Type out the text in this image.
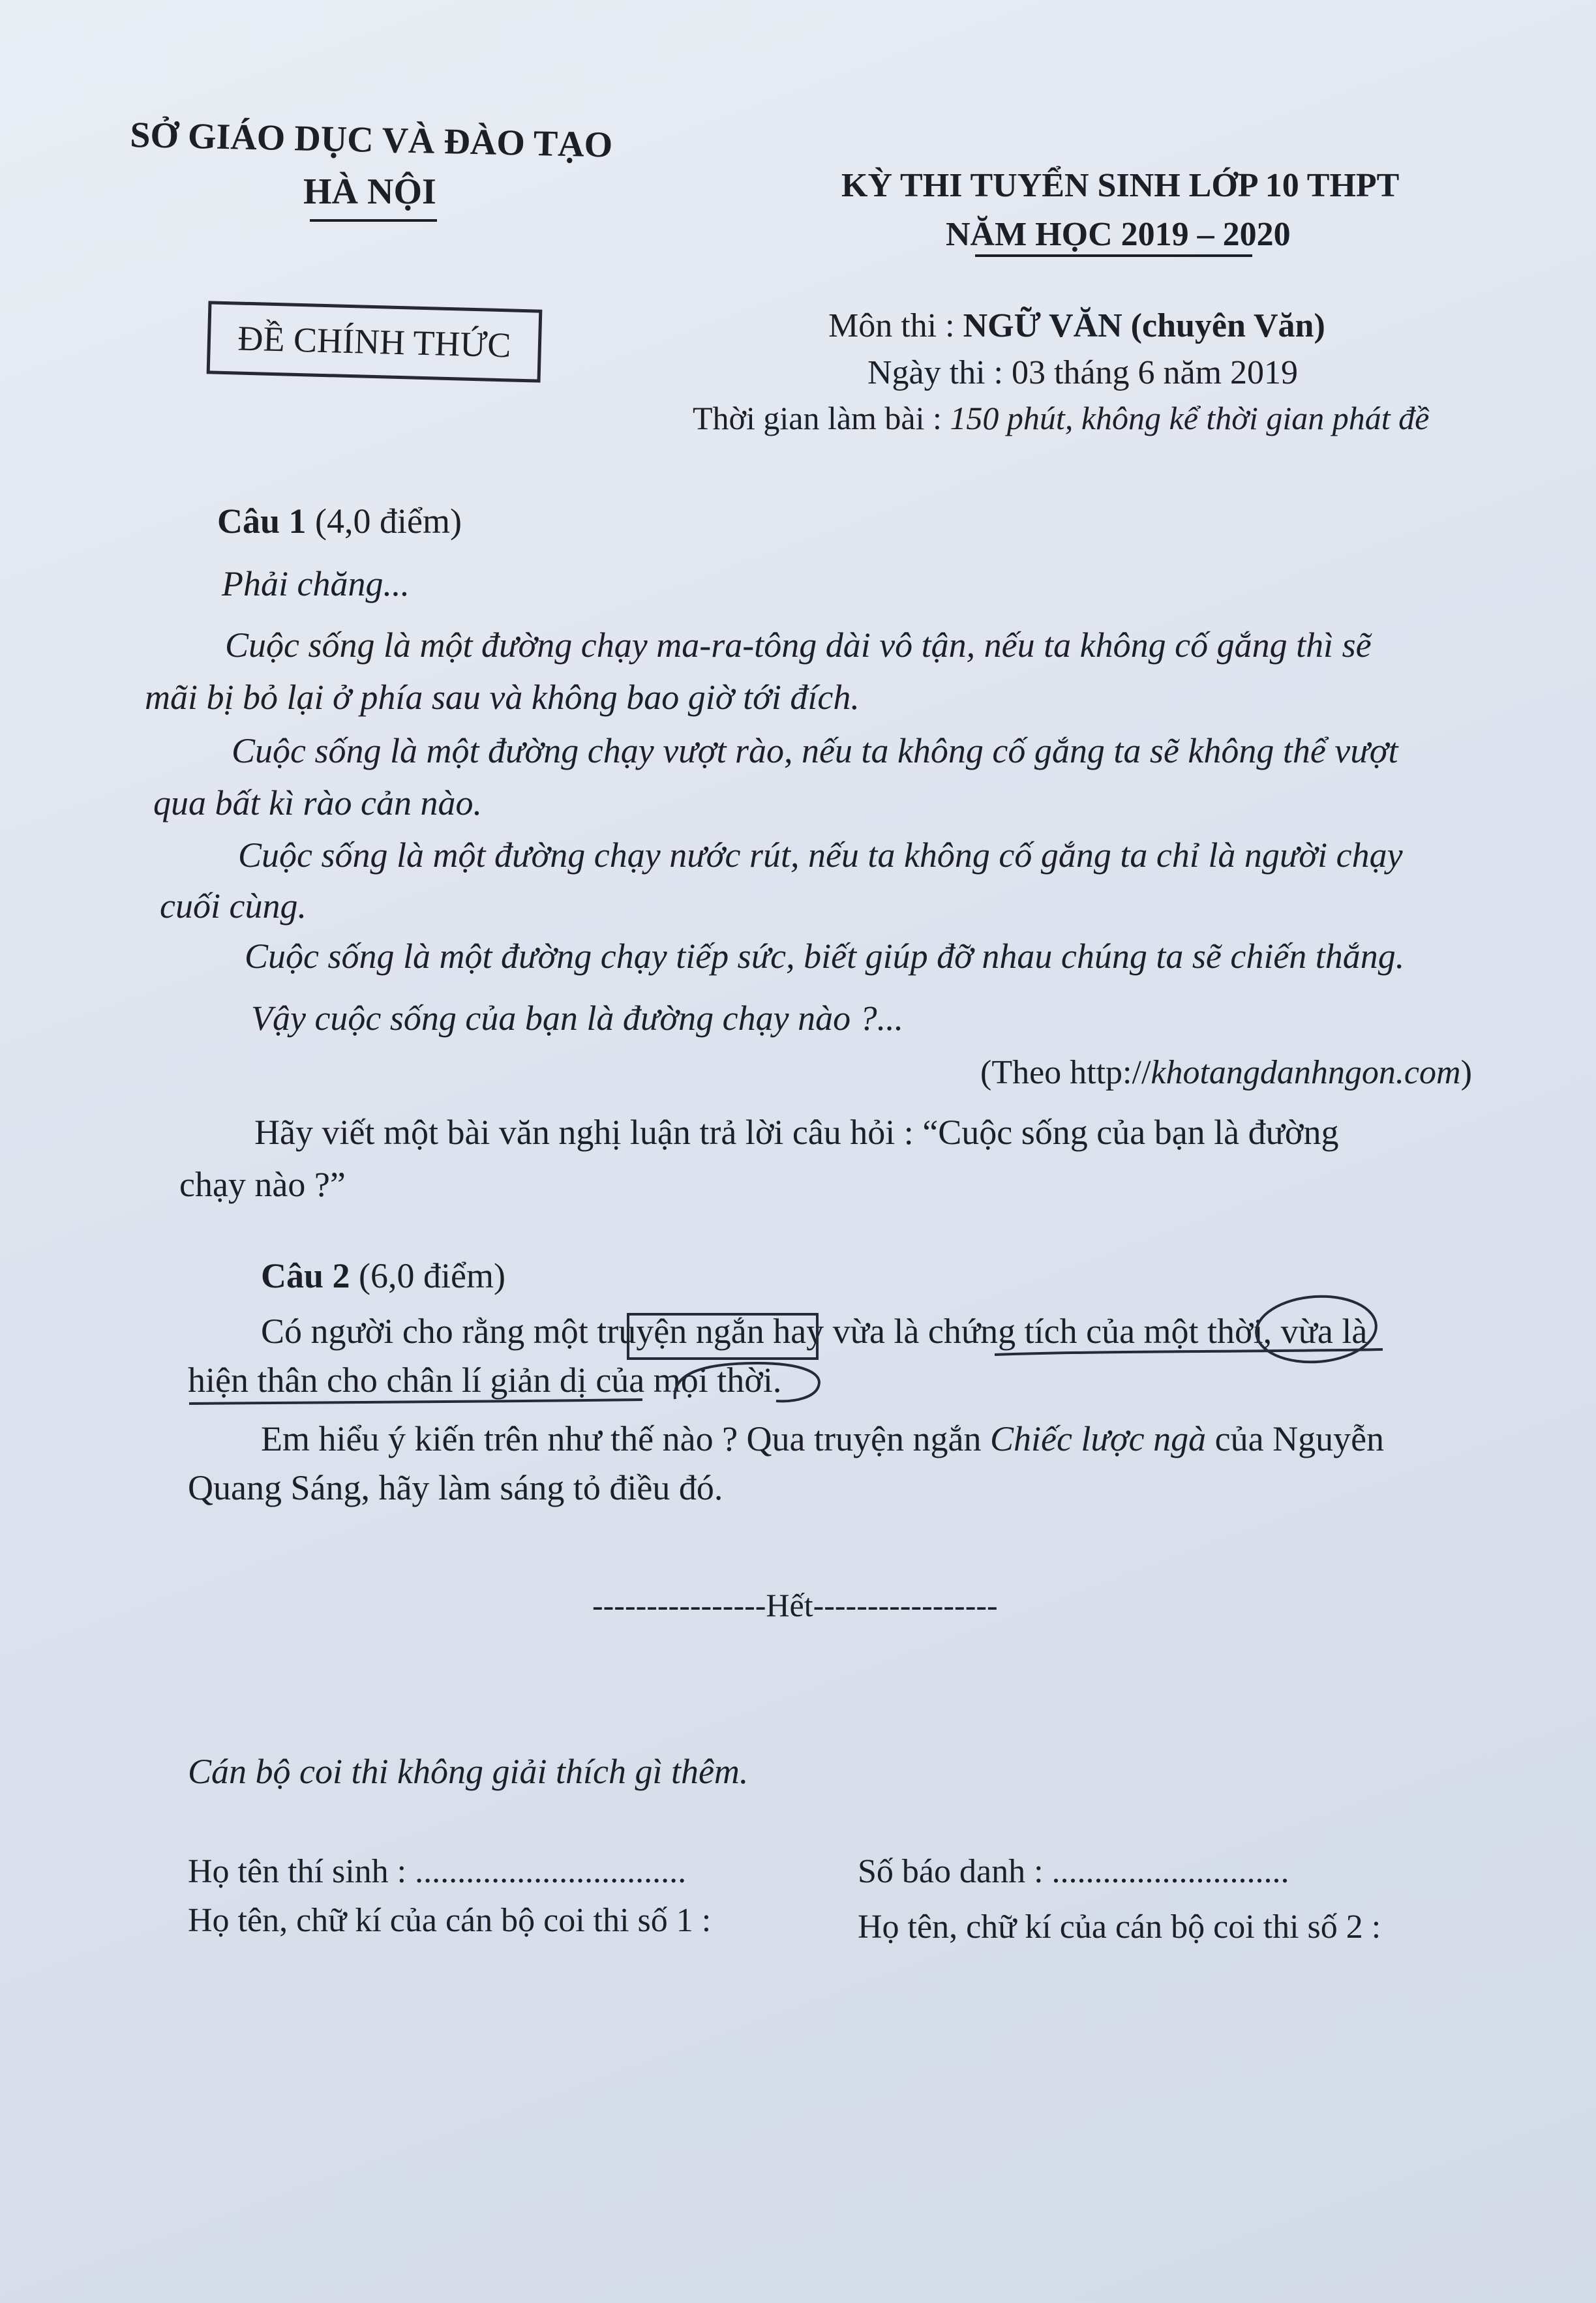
SỞ GIÁO DỤC VÀ ĐÀO TẠO
HÀ NỘI	KỲ THI TUYỂN SINH LỚP 10 THPT
NĂM HỌC 2019 – 2020
ĐỀ CHÍNH THỨC	Môn thi : NGỮ VĂN (chuyên Văn)
Ngày thi : 03 tháng 6 năm 2019
Thời gian làm bài : 150 phút, không kể thời gian phát đề
Câu 1 (4,0 điểm)
Phải chăng...
Cuộc sống là một đường chạy ma-ra-tông dài vô tận, nếu ta không cố gắng thì sẽ
mãi bị bỏ lại ở phía sau và không bao giờ tới đích.
Cuộc sống là một đường chạy vượt rào, nếu ta không cố gắng ta sẽ không thể vượt
qua bất kì rào cản nào.
Cuộc sống là một đường chạy nước rút, nếu ta không cố gắng ta chỉ là người chạy
cuối cùng.
Cuộc sống là một đường chạy tiếp sức, biết giúp đỡ nhau chúng ta sẽ chiến thắng.
Vậy cuộc sống của bạn là đường chạy nào ?...
(Theo http://khotangdanhngon.com)
Hãy viết một bài văn nghị luận trả lời câu hỏi : “Cuộc sống của bạn là đường
chạy nào ?”
Câu 2 (6,0 điểm)
Có người cho rằng một truyện ngắn hay vừa là chứng tích của một thời, vừa là
hiện thân cho chân lí giản dị của mọi thời.
Em hiểu ý kiến trên như thế nào ? Qua truyện ngắn Chiếc lược ngà của Nguyễn
Quang Sáng, hãy làm sáng tỏ điều đó.
----------------Hết-----------------
Cán bộ coi thi không giải thích gì thêm.
Họ tên thí sinh : ................................	Số báo danh : ............................
Họ tên, chữ kí của cán bộ coi thi số 1 :	Họ tên, chữ kí của cán bộ coi thi số 2 :
